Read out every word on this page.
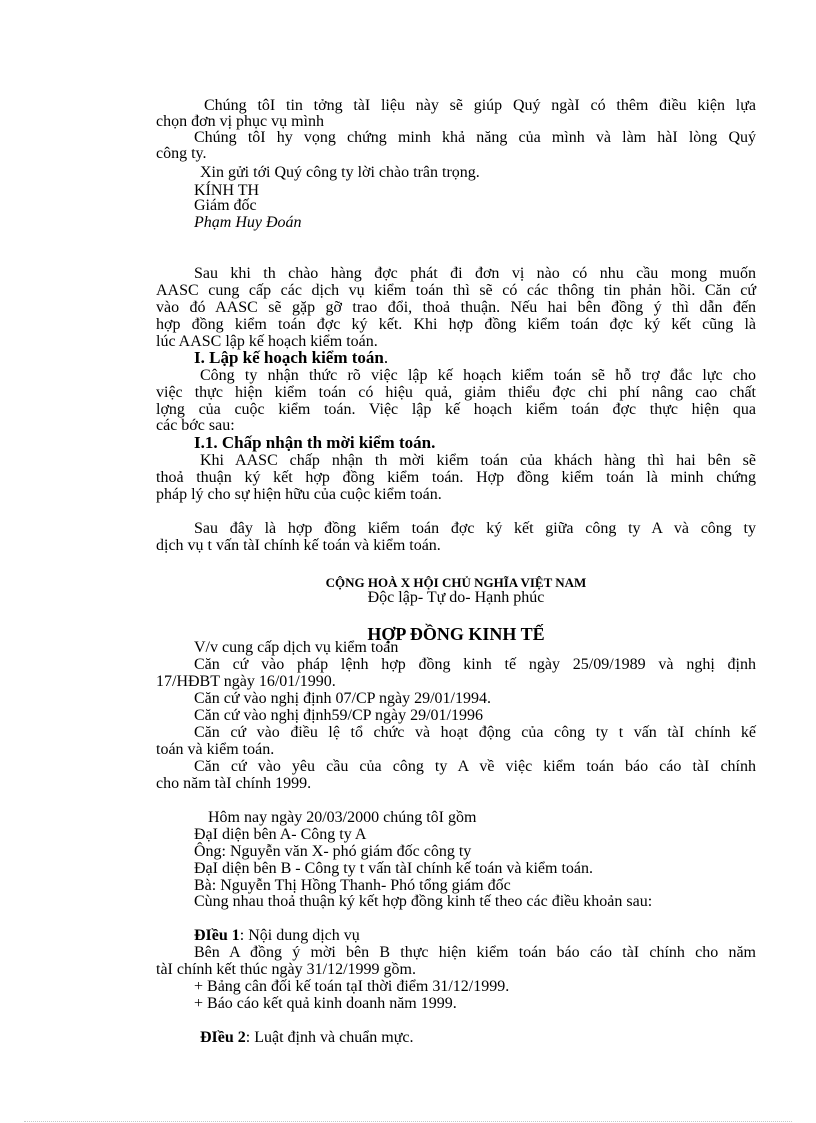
Chúng tôI tin tởng tàI liệu này sẽ giúp Quý ngàI có thêm điều kiện lựa
chọn đơn vị phục vụ mình
Chúng tôI hy vọng chứng minh khả năng của mình và làm hàI lòng Quý
công ty.
Xin gửi tới Quý công ty lời chào trân trọng.
KÍNH TH
Giám đốc
Phạm Huy Đoán
Sau khi th chào hàng đợc phát đi đơn vị nào có nhu cầu mong muốn
AASC cung cấp các dịch vụ kiểm toán thì sẽ có các thông tin phản hồi. Căn cứ
vào đó AASC sẽ gặp gỡ trao đổi, thoả thuận. Nếu hai bên đồng ý thì dẫn đến
hợp đồng kiểm toán đợc ký kết. Khi hợp đồng kiểm toán đợc ký kết cũng là
lúc AASC lập kế hoạch kiểm toán.
I. Lập kế hoạch kiểm toán.
Công ty nhận thức rõ việc lập kế hoạch kiểm toán sẽ hỗ trợ đắc lực cho
việc thực hiện kiểm toán có hiệu quả, giảm thiểu đợc chi phí nâng cao chất
lợng của cuộc kiểm toán. Việc lập kế hoạch kiểm toán đợc thực hiện qua
các bớc sau:
I.1. Chấp nhận th mời kiểm toán.
Khi AASC chấp nhận th mời kiểm toán của khách hàng thì hai bên sẽ
thoả thuận ký kết hợp đồng kiểm toán. Hợp đồng kiểm toán là minh chứng
pháp lý cho sự hiện hữu của cuộc kiểm toán.
Sau đây là hợp đồng kiểm toán đợc ký kết giữa công ty A và công ty
dịch vụ t vấn tàI chính kế toán và kiểm toán.
CỘNG HOÀ X HỘI CHỦ NGHĨA VIỆT NAM
Độc lập- Tự do- Hạnh phúc
HỢP ĐỒNG KINH TẾ
V/v cung cấp dịch vụ kiểm toán
Căn cứ vào pháp lệnh hợp đồng kinh tế ngày 25/09/1989 và nghị định
17/HĐBT ngày 16/01/1990.
Căn cứ vào nghị định 07/CP ngày 29/01/1994.
Căn cứ vào nghị định59/CP ngày 29/01/1996
Căn cứ vào điều lệ tổ chức và hoạt động của công ty t vấn tàI chính kế
toán và kiểm toán.
Căn cứ vào yêu cầu của công ty A về việc kiểm toán báo cáo tàI chính
cho năm tàI chính 1999.
Hôm nay ngày 20/03/2000 chúng tôI gồm
ĐạI diện bên A- Công ty A
Ông: Nguyễn văn X- phó giám đốc công ty
ĐạI diện bên B - Công ty t vấn tàI chính kế toán và kiểm toán.
Bà: Nguyễn Thị Hồng Thanh- Phó tổng giám đốc
Cùng nhau thoả thuận ký kết hợp đồng kinh tế theo các điều khoản sau:
ĐIều 1: Nội dung dịch vụ
Bên A đồng ý mời bên B thực hiện kiểm toán báo cáo tàI chính cho năm
tàI chính kết thúc ngày 31/12/1999 gồm.
+ Bảng cân đối kế toán tạI thời điểm 31/12/1999.
+ Báo cáo kết quả kinh doanh năm 1999.
ĐIều 2: Luật định và chuẩn mực.
